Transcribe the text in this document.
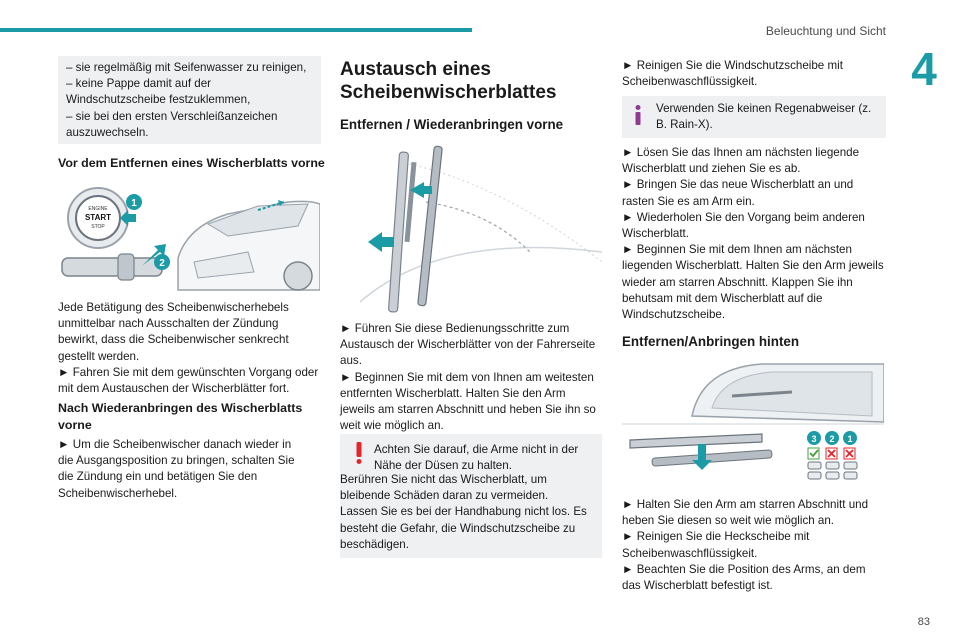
Beleuchtung und Sicht
4
– sie regelmäßig mit Seifenwasser zu reinigen,
– keine Pappe damit auf der Windschutzscheibe festzuklemmen,
– sie bei den ersten Verschleißanzeichen auszuwechseln.
Vor dem Entfernen eines Wischerblatts vorne
ENGINE
START
STOP
1
2
Jede Betätigung des Scheibenwischerhebels unmittelbar nach Ausschalten der Zündung bewirkt, dass die Scheibenwischer senkrecht gestellt werden.
► Fahren Sie mit dem gewünschten Vorgang oder mit dem Austauschen der Wischerblätter fort.
Nach Wiederanbringen des Wischerblatts vorne
► Um die Scheibenwischer danach wieder in die Ausgangsposition zu bringen, schalten Sie die Zündung ein und betätigen Sie den Scheibenwischerhebel.
Austausch eines Scheibenwischerblattes
Entfernen / Wiederanbringen vorne
► Führen Sie diese Bedienungsschritte zum Austausch der Wischerblätter von der Fahrerseite aus.
► Beginnen Sie mit dem von Ihnen am weitesten entfernten Wischerblatt. Halten Sie den Arm jeweils am starren Abschnitt und heben Sie ihn so weit wie möglich an.
Achten Sie darauf, die Arme nicht in der Nähe der Düsen zu halten.
Berühren Sie nicht das Wischerblatt, um bleibende Schäden daran zu vermeiden.
Lassen Sie es bei der Handhabung nicht los. Es besteht die Gefahr, die Windschutzscheibe zu beschädigen.
► Reinigen Sie die Windschutzscheibe mit Scheibenwaschflüssigkeit.
Verwenden Sie keinen Regenabweiser (z. B. Rain-X).
► Lösen Sie das Ihnen am nächsten liegende Wischerblatt und ziehen Sie es ab.
► Bringen Sie das neue Wischerblatt an und rasten Sie es am Arm ein.
► Wiederholen Sie den Vorgang beim anderen Wischerblatt.
► Beginnen Sie mit dem Ihnen am nächsten liegenden Wischerblatt. Halten Sie den Arm jeweils wieder am starren Abschnitt. Klappen Sie ihn behutsam mit dem Wischerblatt auf die Windschutzscheibe.
Entfernen/Anbringen hinten
3 2 1
► Halten Sie den Arm am starren Abschnitt und heben Sie diesen so weit wie möglich an.
► Reinigen Sie die Heckscheibe mit Scheibenwaschflüssigkeit.
► Beachten Sie die Position des Arms, an dem das Wischerblatt befestigt ist.
83
